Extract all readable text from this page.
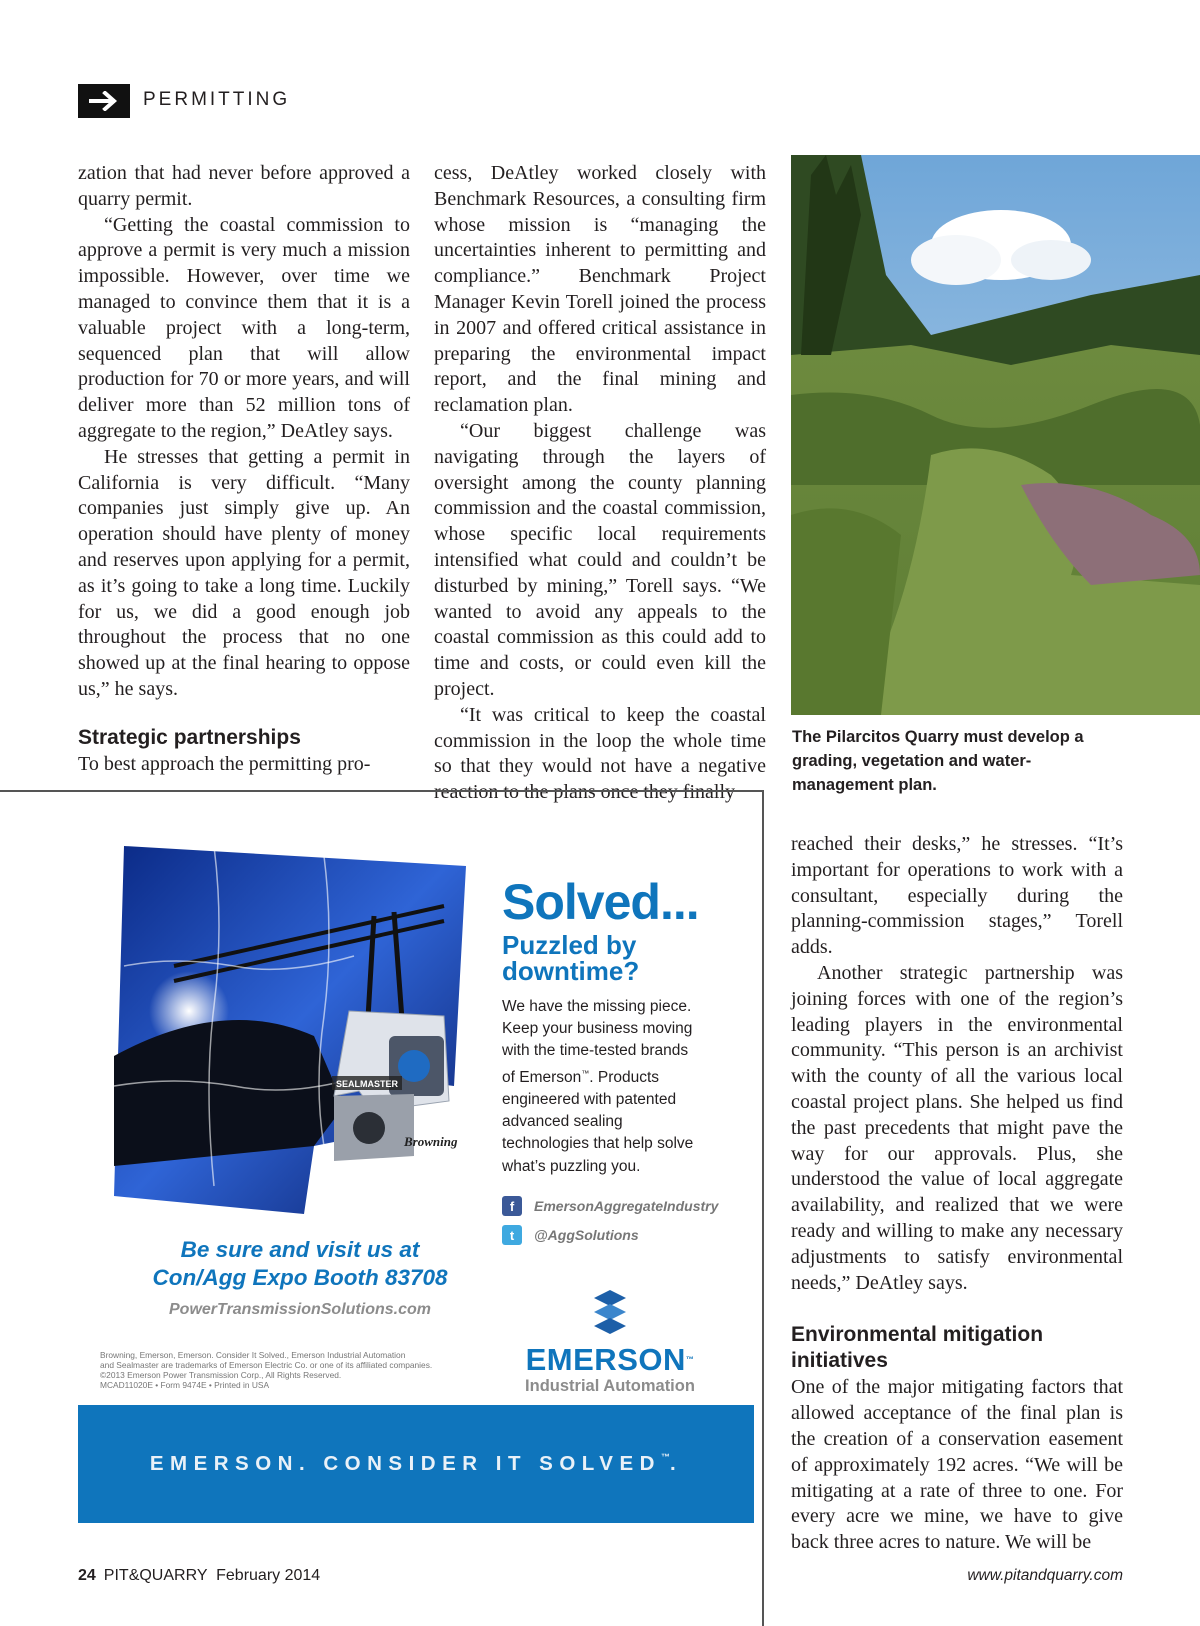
PERMITTING

zation that had never before approved a quarry permit.

“Getting the coastal commission to approve a permit is very much a mission impossible. However, over time we managed to convince them that it is a valuable project with a long-term, sequenced plan that will allow production for 70 or more years, and will deliver more than 52 million tons of aggregate to the region,” DeAtley says.

He stresses that getting a permit in California is very difficult. “Many companies just simply give up. An operation should have plenty of money and reserves upon applying for a permit, as it’s going to take a long time. Luckily for us, we did a good enough job throughout the process that no one showed up at the final hearing to oppose us,” he says.

Strategic partnerships

To best approach the permitting pro-

cess, DeAtley worked closely with Benchmark Resources, a consulting firm whose mission is “managing the uncertainties inherent to permitting and compliance.” Benchmark Project Manager Kevin Torell joined the process in 2007 and offered critical assistance in preparing the environmental impact report, and the final mining and reclamation plan.

“Our biggest challenge was navigating through the layers of oversight among the county planning commission and the coastal commission, whose specific local requirements intensified what could and couldn’t be disturbed by mining,” Torell says. “We wanted to avoid any appeals to the coastal commission as this could add to time and costs, or could even kill the project.

“It was critical to keep the coastal commission in the loop the whole time so that they would not have a negative reaction to the plans once they finally

The Pilarcitos Quarry must develop a grading, vegetation and water-management plan.

reached their desks,” he stresses. “It’s important for operations to work with a consultant, especially during the planning-commission stages,” Torell adds.

Another strategic partnership was joining forces with one of the region’s leading players in the environmental community. “This person is an archivist with the county of all the various local coastal project plans. She helped us find the past precedents that might pave the way for our approvals. Plus, she understood the value of local aggregate availability, and realized that we were ready and willing to make any necessary adjustments to satisfy environmental needs,” DeAtley says.

Environmental mitigation initiatives

One of the major mitigating factors that allowed acceptance of the final plan is the creation of a conservation easement of approximately 192 acres. “We will be mitigating at a rate of three to one. For every acre we mine, we have to give back three acres to nature. We will be

SEALMASTER
Browning
Solved...
Puzzled by downtime?
We have the missing piece. Keep your business moving with the time-tested brands of Emerson™. Products engineered with patented advanced sealing technologies that help solve what’s puzzling you.
f	EmersonAggregateIndustry
t	@AggSolutions
Be sure and visit us at
Con/Agg Expo Booth 83708
PowerTransmissionSolutions.com
Browning, Emerson, Emerson. Consider It Solved., Emerson Industrial Automation
and Sealmaster are trademarks of Emerson Electric Co. or one of its affiliated companies.
©2013 Emerson Power Transmission Corp., All Rights Reserved.
MCAD11020E • Form 9474E • Printed in USA
EMERSON™
Industrial Automation
EMERSON. CONSIDER IT SOLVED™.
24 PIT&QUARRY  February 2014	www.pitandquarry.com
